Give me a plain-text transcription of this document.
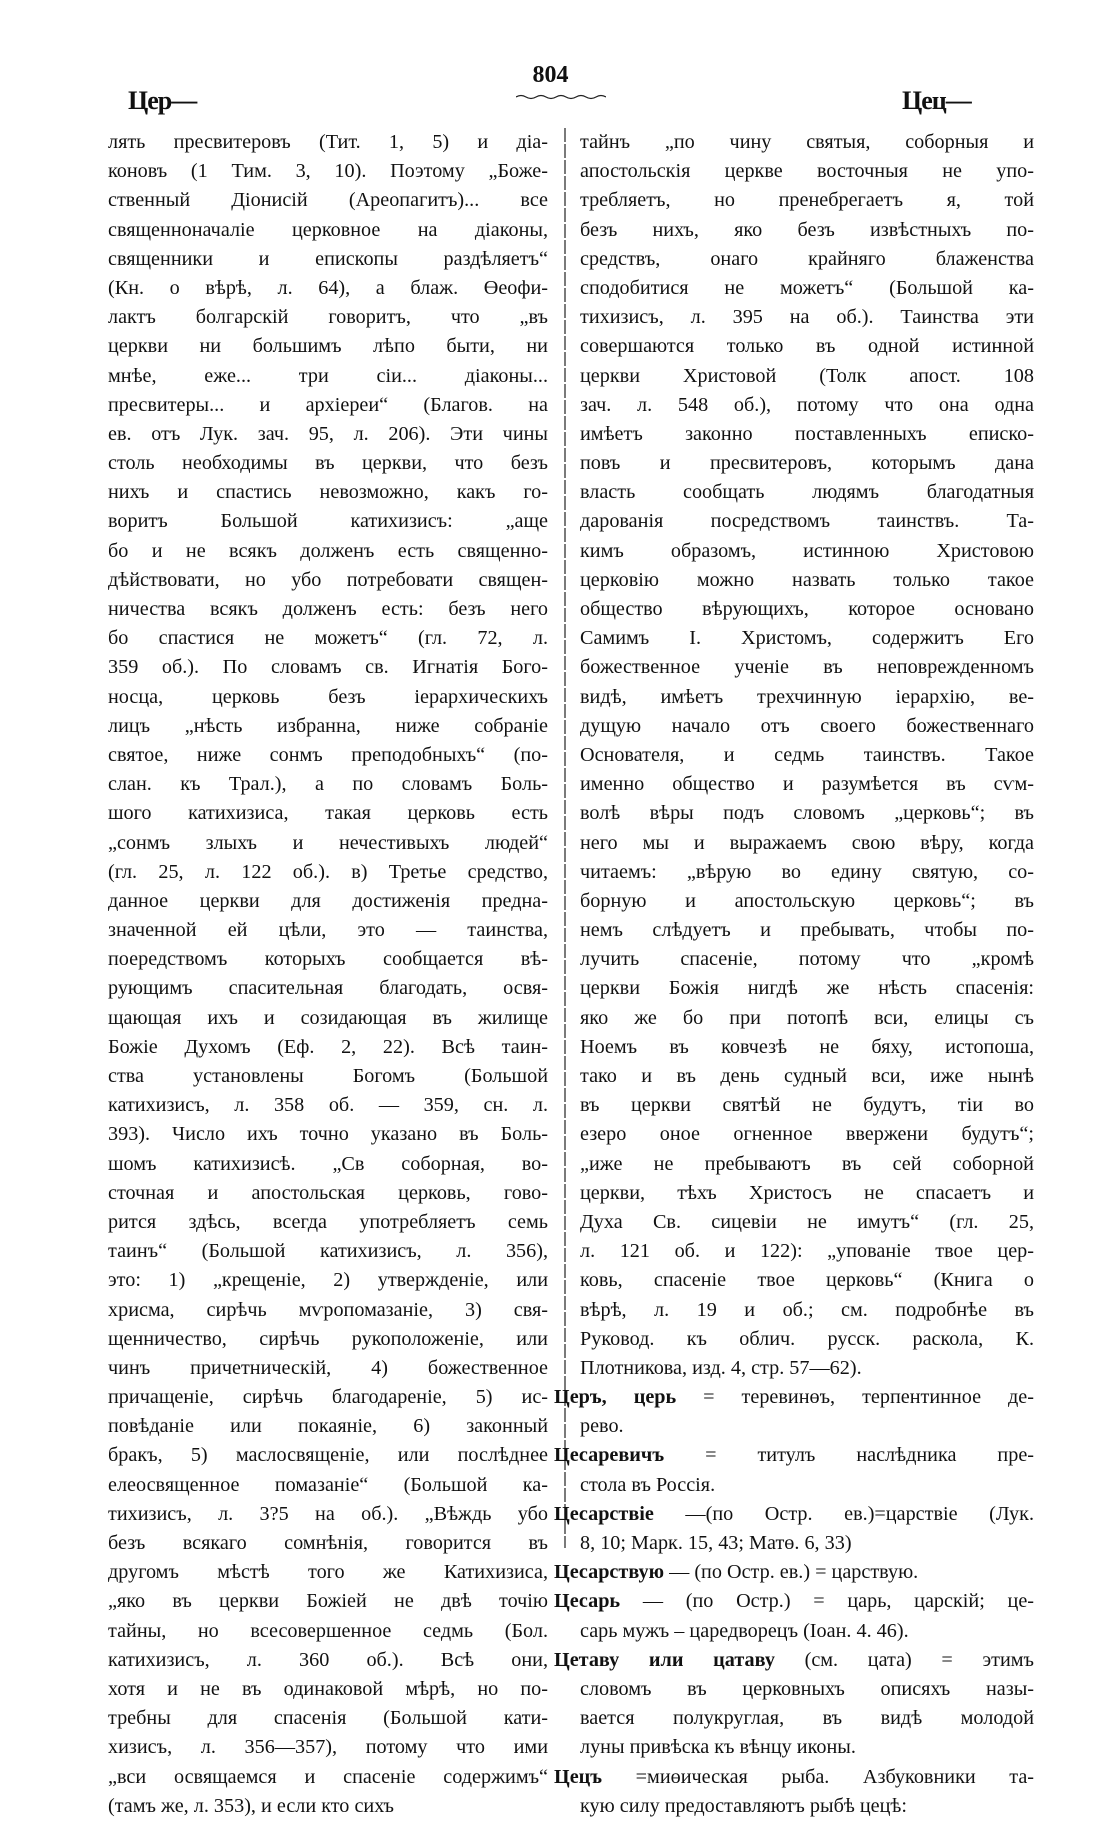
804
Цер—	Цец—
лять пресвитеровъ (Тит. 1, 5) и діа-
коновъ (1 Тим. 3, 10). Поэтому „Боже-
ственный Діонисій (Ареопагитъ)... все
священноначаліе церковное на діаконы,
священники и епископы раздѣляетъ“
(Кн. о вѣрѣ, л. 64), а блаж. Өеофи-
лактъ болгарскій говоритъ, что „въ
церкви ни большимъ лѣпо быти, ни
мнѣе, еже... три сіи... діаконы...
пресвитеры... и архіереи“ (Благов. на
ев. отъ Лук. зач. 95, л. 206). Эти чины
столь необходимы въ церкви, что безъ
нихъ и спастись невозможно, какъ го-
воритъ Большой катихизисъ: „аще
бо и не всякъ долженъ есть священно-
дѣйствовати, но убо потребовати священ-
ничества всякъ долженъ есть: безъ него
бо спастися не можетъ“ (гл. 72, л.
359 об.). По словамъ св. Игнатія Бого-
носца, церковь безъ іерархическихъ
лицъ „нѣсть избранна, ниже собраніе
святое, ниже сонмъ преподобныхъ“ (по-
слан. къ Трал.), а по словамъ Боль-
шого катихизиса, такая церковь есть
„сонмъ злыхъ и нечестивыхъ людей“
(гл. 25, л. 122 об.). в) Третье средство,
данное церкви для достиженія предна-
значенной ей цѣли, это — таинства,
поередствомъ которыхъ сообщается вѣ-
рующимъ спасительная благодать, освя-
щающая ихъ и созидающая въ жилище
Божіе Духомъ (Еф. 2, 22). Всѣ таин-
ства установлены Богомъ (Большой
катихизисъ, л. 358 об. — 359, сн. л.
393). Число ихъ точно указано въ Боль-
шомъ катихизисѣ. „Св соборная, во-
сточная и апостольская церковь, гово-
рится здѣсь, всегда употребляетъ семь
таинъ“ (Большой катихизисъ, л. 356),
это: 1) „крещеніе, 2) утвержденіе, или
хрисма, сирѣчь мѵропомазаніе, 3) свя-
щенничество, сирѣчь рукоположеніе, или
чинъ причетническій, 4) божественное
причащеніе, сирѣчь благодареніе, 5) ис-
повѣданіе или покаяніе, 6) законный
бракъ, 5) маслосвященіе, или послѣднее
елеосвященное помазаніе“ (Большой ка-
тихизисъ, л. 3?5 на об.). „Вѣждь убо
безъ всякаго сомнѣнія, говорится въ
другомъ мѣстѣ того же Катихизиса,
„яко въ церкви Божіей не двѣ точію
тайны, но всесовершенное седмь (Бол.
катихизисъ, л. 360 об.). Всѣ они,
хотя и не въ одинаковой мѣрѣ, но по-
требны для спасенія (Большой кати-
хизисъ, л. 356—357), потому что ими
„вси освящаемся и спасеніе содержимъ“
(тамъ же, л. 353), и если кто сихъ
тайнъ „по чину святыя, соборныя и
апостольскія церкве восточныя не упо-
требляетъ, но пренебрегаетъ я, той
безъ нихъ, яко безъ извѣстныхъ по-
средствъ, онаго крайняго блаженства
сподобитися не можетъ“ (Большой ка-
тихизисъ, л. 395 на об.). Таинства эти
совершаются только въ одной истинной
церкви Христовой (Толк апост. 108
зач. л. 548 об.), потому что она одна
имѣетъ законно поставленныхъ еписко-
повъ и пресвитеровъ, которымъ дана
власть сообщать людямъ благодатныя
дарованія посредствомъ таинствъ. Та-
кимъ образомъ, истинною Христовою
церковію можно назвать только такое
общество вѣрующихъ, которое основано
Самимъ І. Христомъ, содержитъ Его
божественное ученіе въ неповрежденномъ
видѣ, имѣетъ трехчинную іерархію, ве-
дущую начало отъ своего божественнаго
Основателя, и седмь таинствъ. Такое
именно общество и разумѣется въ сѵм-
волѣ вѣры подъ словомъ „церковь“; въ
него мы и выражаемъ свою вѣру, когда
читаемъ: „вѣрую во едину святую, со-
борную и апостольскую церковь“; въ
немъ слѣдуетъ и пребывать, чтобы по-
лучить спасеніе, потому что „кромѣ
церкви Божія нигдѣ же нѣсть спасенія:
яко же бо при потопѣ вси, елицы съ
Ноемъ въ ковчезѣ не бяху, истопоша,
тако и въ день судный вси, иже нынѣ
въ церкви святѣй не будутъ, тіи во
езеро оное огненное ввержени будутъ“;
„иже не пребываютъ въ сей соборной
церкви, тѣхъ Христосъ не спасаетъ и
Духа Св. сицевіи не имутъ“ (гл. 25,
л. 121 об. и 122): „упованіе твое цер-
ковь, спасеніе твое церковь“ (Книга о
вѣрѣ, л. 19 и об.; см. подробнѣе въ
Руковод. къ облич. русск. раскола, К.
Плотникова, изд. 4, стр. 57—62).
Церъ, церь = теревинөъ, терпентинное де-
рево.
Цесаревичъ = титулъ наслѣдника пре-
стола въ Россія.
Цесарствіе —(по Остр. ев.)=царствіе (Лук.
8, 10; Марк. 15, 43; Матө. 6, 33)
Цесарствую — (по Остр. ев.) = царствую.
Цесарь — (по Остр.) = царь, царскій; це-
сарь мужъ – царедворецъ (Іоан. 4. 46).
Цетаву или цатаву (см. цата) = этимъ
словомъ въ церковныхъ описяхъ назы-
вается полукруглая, въ видѣ молодой
луны привѣска къ вѣнцу иконы.
Цецъ =миөическая рыба. Азбуковники та-
кую силу предоставляютъ рыбѣ цецѣ:
